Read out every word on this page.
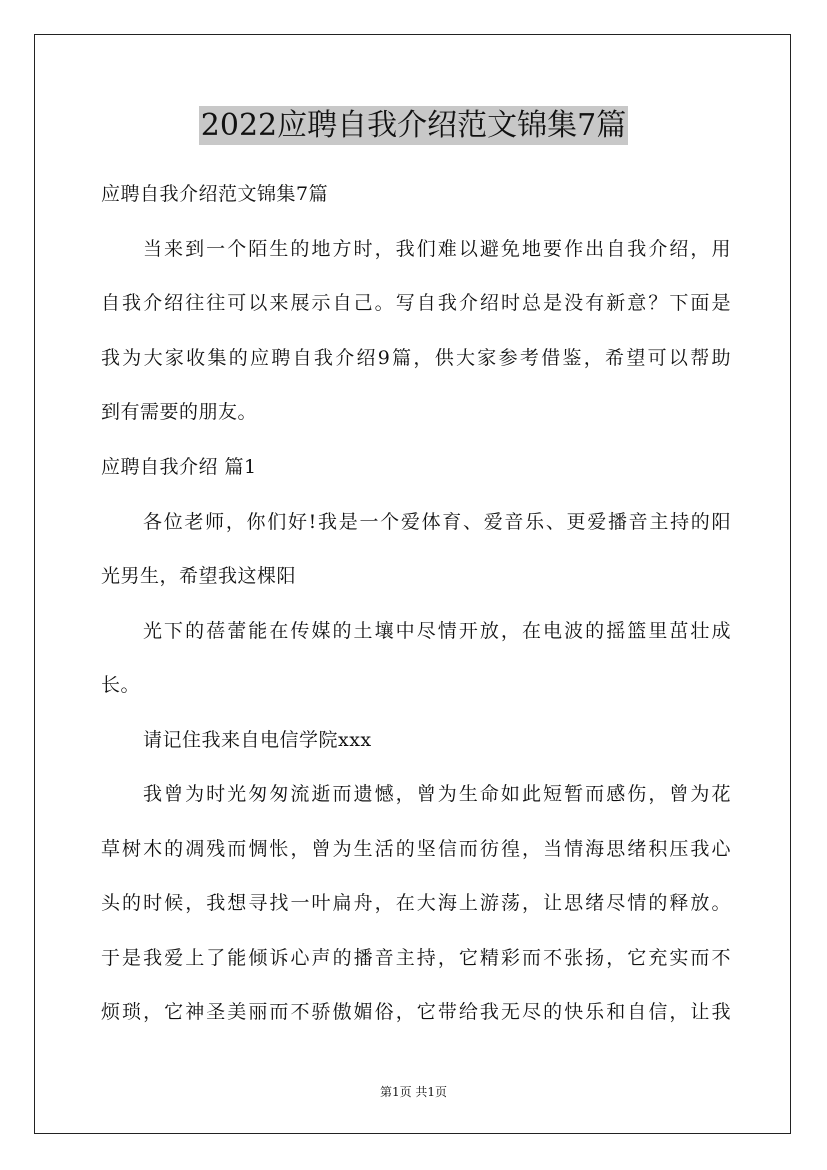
2022应聘自我介绍范文锦集7篇
应聘自我介绍范文锦集7篇
当来到一个陌生的地方时，我们难以避免地要作出自我介绍，用
自我介绍往往可以来展示自己。写自我介绍时总是没有新意？下面是
我为大家收集的应聘自我介绍9篇，供大家参考借鉴，希望可以帮助
到有需要的朋友。
应聘自我介绍 篇1
各位老师，你们好!我是一个爱体育、爱音乐、更爱播音主持的阳
光男生，希望我这棵阳
光下的蓓蕾能在传媒的土壤中尽情开放，在电波的摇篮里茁壮成
长。
请记住我来自电信学院xxx
我曾为时光匆匆流逝而遗憾，曾为生命如此短暂而感伤，曾为花
草树木的凋残而惆怅，曾为生活的坚信而彷徨，当情海思绪积压我心
头的时候，我想寻找一叶扁舟，在大海上游荡，让思绪尽情的释放。
于是我爱上了能倾诉心声的播音主持，它精彩而不张扬，它充实而不
烦琐，它神圣美丽而不骄傲媚俗，它带给我无尽的快乐和自信，让我
第1页 共1页
